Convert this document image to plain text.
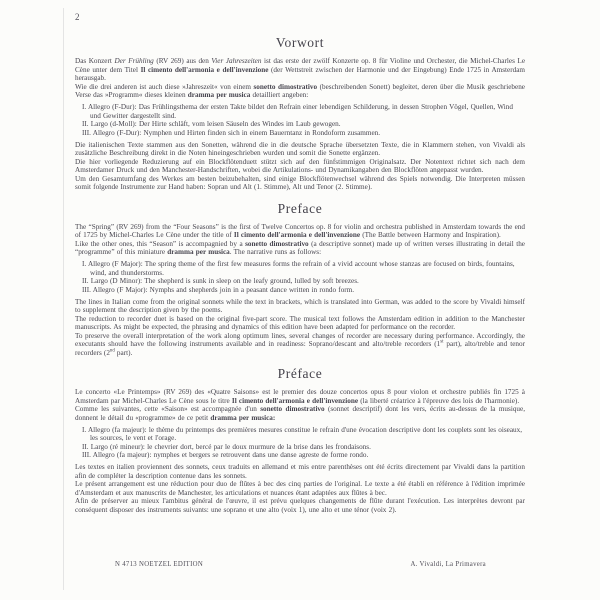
2

Vorwort

Das Konzert Der Frühling (RV 269) aus den Vier Jahreszeiten ist das erste der zwölf Konzerte op. 8 für Violine und Orchester, die Michel-Charles Le Cène unter dem Titel Il cimento dell'armonia e dell'invenzione (der Wettstreit zwischen der Harmonie und der Eingebung) Ende 1725 in Amsterdam herausgab.

Wie die drei anderen ist auch diese »Jahreszeit« von einem sonetto dimostrativo (beschreibenden Sonett) begleitet, deren über die Musik geschriebene Verse das »Programm« dieses kleinen dramma per musica detailliert angeben:

I. Allegro (F-Dur): Das Frühlingsthema der ersten Takte bildet den Refrain einer lebendigen Schilderung, in dessen Strophen Vögel, Quellen, Wind und Gewitter dargestellt sind.

II. Largo (d-Moll): Der Hirte schläft, vom leisen Säuseln des Windes im Laub gewogen.

III. Allegro (F-Dur): Nymphen und Hirten finden sich in einem Bauerntanz in Rondoform zusammen.

Die italienischen Texte stammen aus den Sonetten, während die in die deutsche Sprache übersetzten Texte, die in Klammern stehen, von Vivaldi als zusätzliche Beschreibung direkt in die Noten hineingeschrieben wurden und somit die Sonette ergänzen.

Die hier vorliegende Reduzierung auf ein Blockflötenduett stützt sich auf den fünfstimmigen Originalsatz. Der Notentext richtet sich nach dem Amsterdamer Druck und den Manchester-Handschriften, wobei die Artikulations- und Dynamikangaben den Blockflöten angepasst wurden.

Um den Gesamtumfang des Werkes am besten beizubehalten, sind einige Blockflötenwechsel während des Spiels notwendig. Die Interpreten müssen somit folgende Instrumente zur Hand haben: Sopran und Alt (1. Stimme), Alt und Tenor (2. Stimme).

Preface

The “Spring” (RV 269) from the “Four Seasons” is the first of Twelve Concertos op. 8 for violin and orchestra published in Amsterdam towards the end of 1725 by Michel-Charles Le Cène under the title of Il cimento dell'armonia e dell'invenzione (The Battle between Harmony and Inspiration).

Like the other ones, this “Season” is accompagnied by a sonetto dimostrativo (a descriptive sonnet) made up of written verses illustrating in detail the “programme” of this miniature dramma per musica. The narrative runs as follows:

I. Allegro (F Major): The spring theme of the first few measures forms the refrain of a vivid account whose stanzas are focused on birds, fountains, wind, and thunderstorms.

II. Largo (D Minor): The shepherd is sunk in sleep on the leafy ground, lulled by soft breezes.

III. Allegro (F Major): Nymphs and shepherds join in a peasant dance written in rondo form.

The lines in Italian come from the original sonnets while the text in brackets, which is translated into German, was added to the score by Vivaldi himself to supplement the description given by the poems.

The reduction to recorder duet is based on the original five-part score. The musical text follows the Amsterdam edition in addition to the Manchester manuscripts. As might be expected, the phrasing and dynamics of this edition have been adapted for performance on the recorder.

To preserve the overall interpretation of the work along optimum lines, several changes of recorder are necessary during performance. Accordingly, the executants should have the following instruments available and in readiness: Soprano/descant and alto/treble recorders (1st part), alto/treble and tenor recorders (2nd part).

Préface

Le concerto «Le Printemps» (RV 269) des «Quatre Saisons» est le premier des douze concertos opus 8 pour violon et orchestre publiés fin 1725 à Amsterdam par Michel-Charles Le Cène sous le titre Il cimento dell'armonia e dell'invenzione (la liberté créatrice à l'épreuve des lois de l'harmonie).

Comme les suivantes, cette «Saison» est accompagnée d'un sonetto dimostrativo (sonnet descriptif) dont les vers, écrits au-dessus de la musique, donnent le détail du «programme» de ce petit dramma per musica:

I. Allegro (fa majeur): le thème du printemps des premières mesures constitue le refrain d'une évocation descriptive dont les couplets sont les oiseaux, les sources, le vent et l'orage.

II. Largo (ré mineur): le chevrier dort, bercé par le doux murmure de la brise dans les frondaisons.

III. Allegro (fa majeur): nymphes et bergers se retrouvent dans une danse agreste de forme rondo.

Les textes en italien proviennent des sonnets, ceux traduits en allemand et mis entre parenthèses ont été écrits directement par Vivaldi dans la partition afin de compléter la description contenue dans les sonnets.

Le présent arrangement est une réduction pour duo de flûtes à bec des cinq parties de l'original. Le texte a été établi en référence à l'édition imprimée d'Amsterdam et aux manuscrits de Manchester, les articulations et nuances étant adaptées aux flûtes à bec.

Afin de préserver au mieux l'ambitus général de l'œuvre, il est prévu quelques changements de flûte durant l'exécution. Les interprètes devront par conséquent disposer des instruments suivants: une soprano et une alto (voix 1), une alto et une ténor (voix 2).

N 4713 NOETZEL EDITION	A. Vivaldi, La Primavera
